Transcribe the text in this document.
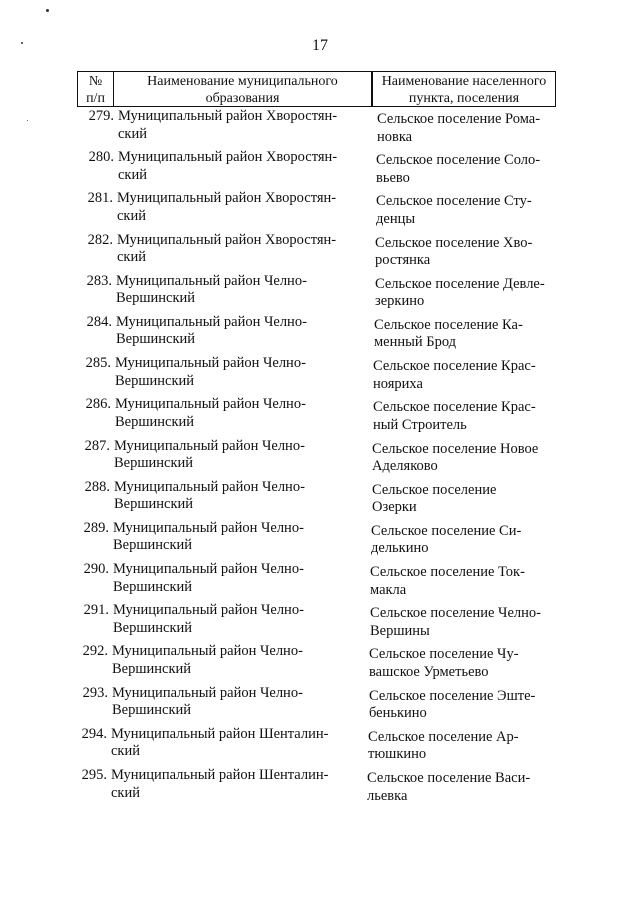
17
№
п/п
Наименование муниципального
образования
Наименование населенного
пункта, поселения
279. Муниципальный район Хворостян-
ский
Сельское поселение Рома-
новка
280. Муниципальный район Хворостян-
ский
Сельское поселение Соло-
вьево
281. Муниципальный район Хворостян-
ский
Сельское поселение Сту-
денцы
282. Муниципальный район Хворостян-
ский
Сельское поселение Хво-
ростянка
283. Муниципальный район Челно-
Вершинский
Сельское поселение Девле-
зеркино
284. Муниципальный район Челно-
Вершинский
Сельское поселение Ка-
менный Брод
285. Муниципальный район Челно-
Вершинский
Сельское поселение Крас-
нояриха
286. Муниципальный район Челно-
Вершинский
Сельское поселение Крас-
ный Строитель
287. Муниципальный район Челно-
Вершинский
Сельское поселение Новое
Аделяково
288. Муниципальный район Челно-
Вершинский
Сельское поселение
Озерки
289. Муниципальный район Челно-
Вершинский
Сельское поселение Си-
делькино
290. Муниципальный район Челно-
Вершинский
Сельское поселение Ток-
макла
291. Муниципальный район Челно-
Вершинский
Сельское поселение Челно-
Вершины
292. Муниципальный район Челно-
Вершинский
Сельское поселение Чу-
вашское Урметьево
293. Муниципальный район Челно-
Вершинский
Сельское поселение Эште-
бенькино
294. Муниципальный район Шенталин-
ский
Сельское поселение Ар-
тюшкино
295. Муниципальный район Шенталин-
ский
Сельское поселение Васи-
льевка
